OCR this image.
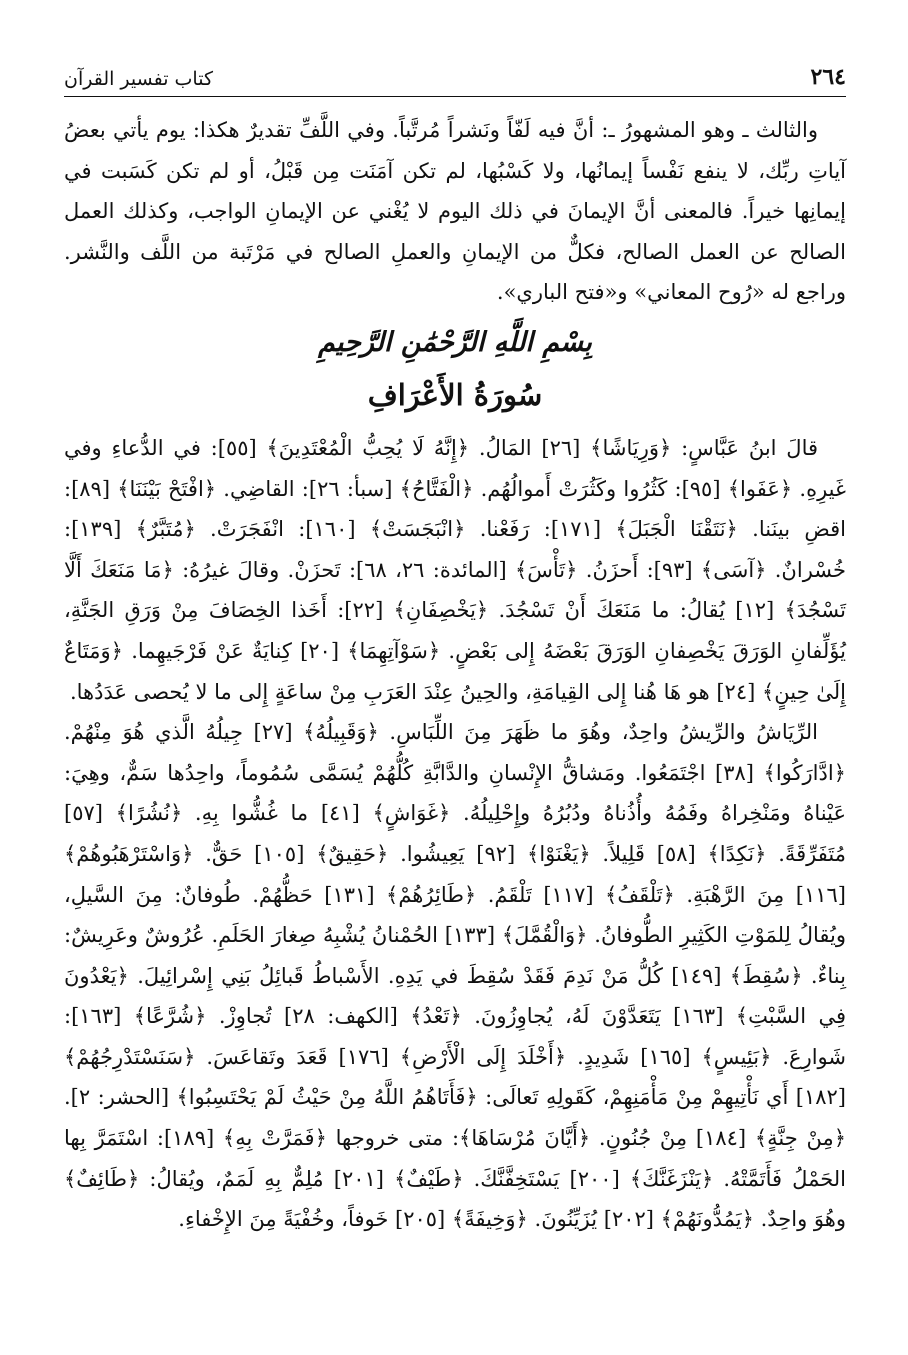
٢٦٤
كتاب تفسير القرآن

والثالث ـ وهو المشهورُ ـ: أنَّ فيه لَفّاً ونَشراً مُرتَّباً. وفي اللَّفِّ تقديرٌ هكذا: يوم يأتي بعضُ آياتِ ربِّك، لا ينفع نَفْساً إيمانُها، ولا كَسْبُها، لم تكن آمَنَت مِن قَبْلُ، أو لم تكن كَسَبت في إيمانِها خيراً. فالمعنى أنَّ الإيمانَ في ذلك اليوم لا يُغْني عن الإيمانِ الواجب، وكذلك العمل الصالح عن العمل الصالح، فكلٌّ من الإيمانِ والعملِ الصالح في مَرْتَبة من اللَّف والنَّشر. وراجع له «رُوح المعاني» و«فتح الباري».

بِسْمِ اللَّهِ الرَّحْمَٰنِ الرَّحِيمِ
سُورَةُ الأَعْرَافِ

قالَ ابنُ عَبَّاسٍ: ﴿وَرِيَاشًا﴾ [٢٦] المَالُ. ﴿إِنَّهُ لَا يُحِبُّ الْمُعْتَدِينَ﴾ [٥٥]: في الدُّعاءِ وفي غَيرِهِ. ﴿عَفَوا﴾ [٩٥]: كَثُرُوا وكَثُرَتْ أَموالُهُم. ﴿الْفَتَّاحُ﴾ [سبأ: ٢٦]: القاضِي. ﴿افْتَحْ بَيْنَنَا﴾ [٨٩]: اقضِ بينَنا. ﴿نَتَقْنَا الْجَبَلَ﴾ [١٧١]: رَفَعْنا. ﴿انْبَجَسَتْ﴾ [١٦٠]: انْفَجَرَتْ. ﴿مُتَبَّرٌ﴾ [١٣٩]: خُسْرانٌ. ﴿آسَى﴾ [٩٣]: أَحزَنُ. ﴿تَأْسَ﴾ [المائدة: ٢٦، ٦٨]: تَحزَنْ. وقالَ غيرُهُ: ﴿مَا مَنَعَكَ أَلَّا تَسْجُدَ﴾ [١٢] يُقالُ: ما مَنَعَكَ أَنْ تَسْجُدَ. ﴿يَخْصِفَانِ﴾ [٢٢]: أَخَذا الخِصَافَ مِنْ وَرَقِ الجَنَّةِ، يُؤَلِّفانِ الوَرَقَ يَخْصِفانِ الوَرَقَ بَعْضَهُ إِلى بَعْضٍ. ﴿سَوْآتِهِمَا﴾ [٢٠] كِنايَةٌ عَنْ فَرْجَيهِما. ﴿وَمَتَاعٌ إِلَىٰ حِينٍ﴾ [٢٤] هو هَا هُنا إِلى القِيامَةِ، والحِينُ عِنْدَ العَرَبِ مِنْ ساعَةٍ إِلى ما لا يُحصى عَدَدُها.

الرِّيَاشُ والرِّيشُ واحِدٌ، وهُوَ ما ظَهَرَ مِنَ اللِّبَاسِ. ﴿وَقَبِيلُهُ﴾ [٢٧] جِيلُهُ الَّذي هُوَ مِنْهُمْ. ﴿ادَّارَكُوا﴾ [٣٨] اجْتَمَعُوا. ومَشاقُّ الإِنْسانِ والدَّابَّةِ كُلُّهُمْ يُسَمَّى سُمُوماً، واحِدُها سَمٌّ، وهِيَ: عَيْناهُ ومَنْخِراهُ وفَمُهُ وأُذُناهُ ودُبُرُهُ وإِحْلِيلُهُ. ﴿غَوَاشٍ﴾ [٤١] ما غُشُّوا بِهِ. ﴿نُشُرًا﴾ [٥٧] مُتَفَرِّقَةً. ﴿نَكِدًا﴾ [٥٨] قَلِيلاً. ﴿يَغْنَوْا﴾ [٩٢] يَعِيشُوا. ﴿حَقِيقٌ﴾ [١٠٥] حَقٌّ. ﴿وَاسْتَرْهَبُوهُمْ﴾ [١١٦] مِنَ الرَّهْبَةِ. ﴿تَلْقَفُ﴾ [١١٧] تَلْقَمُ. ﴿طَائِرُهُمْ﴾ [١٣١] حَظُّهُمْ. طُوفانٌ: مِنَ السَّيلِ، ويُقالُ لِلمَوْتِ الكَثِيرِ الطُّوفانُ. ﴿وَالْقُمَّلَ﴾ [١٣٣] الحُمْنانُ يُشْبِهُ صِغارَ الحَلَمِ. عُرُوشٌ وعَرِيشٌ: بِناءٌ. ﴿سُقِطَ﴾ [١٤٩] كُلُّ مَنْ نَدِمَ فَقَدْ سُقِطَ في يَدِهِ. الأَسْباطُ قَبائِلُ بَنِي إِسْرائِيلَ. ﴿يَعْدُونَ فِي السَّبْتِ﴾ [١٦٣] يَتَعَدَّوْنَ لَهُ، يُجاوِزُونَ. ﴿تَعْدُ﴾ [الكهف: ٢٨] تُجاوِزْ. ﴿شُرَّعًا﴾ [١٦٣]: شَوارِعَ. ﴿بَئِيسٍ﴾ [١٦٥] شَدِيدٍ. ﴿أَخْلَدَ إِلَى الْأَرْضِ﴾ [١٧٦] قَعَدَ وتَقاعَسَ. ﴿سَنَسْتَدْرِجُهُمْ﴾ [١٨٢] أَي نَأْتِيهِمْ مِنْ مَأْمَنِهِمْ، كَقَولِهِ تَعالَى: ﴿فَأَتَاهُمُ اللَّهُ مِنْ حَيْثُ لَمْ يَحْتَسِبُوا﴾ [الحشر: ٢]. ﴿مِنْ جِنَّةٍ﴾ [١٨٤] مِنْ جُنُونٍ. ﴿أَيَّانَ مُرْسَاهَا﴾: متى خروجها ﴿فَمَرَّتْ بِهِ﴾ [١٨٩]: اسْتَمَرَّ بِها الحَمْلُ فَأَتَمَّتْهُ. ﴿يَنْزَغَنَّكَ﴾ [٢٠٠] يَسْتَخِفَّنَّكَ. ﴿طَيْفٌ﴾ [٢٠١] مُلِمٌّ بِهِ لَمَمٌ، ويُقالُ: ﴿طَائِفٌ﴾ وهُوَ واحِدٌ. ﴿يَمُدُّونَهُمْ﴾ [٢٠٢] يُزَيِّنُونَ. ﴿وَخِيفَةً﴾ [٢٠٥] خَوفاً، وخُفْيَةً مِنَ الإِخْفاءِ.
